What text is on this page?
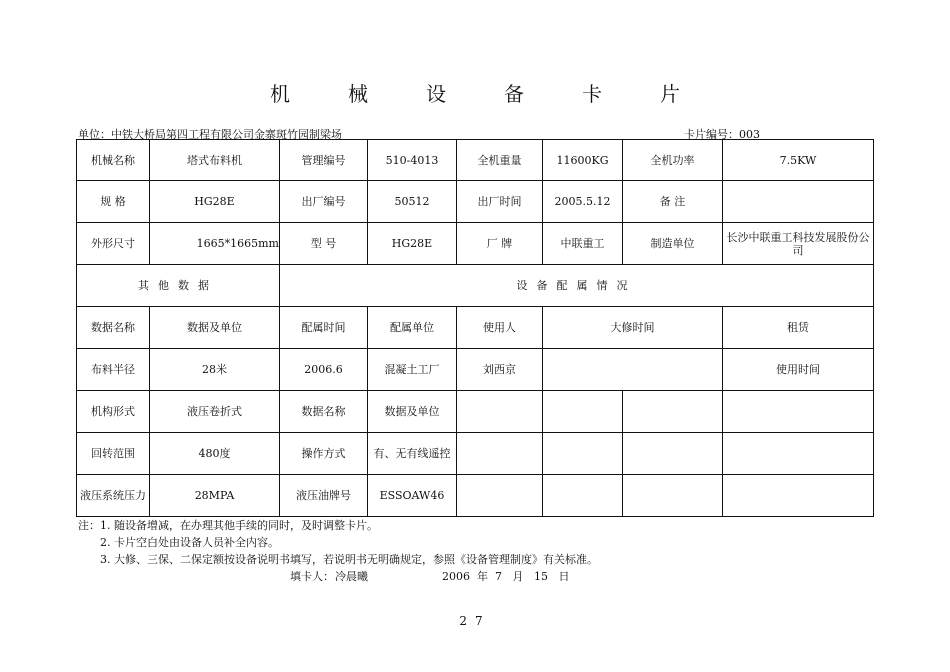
机	械	设	备	卡	片
单位：中铁大桥局第四工程有限公司金寨斑竹园制梁场	卡片编号：003
机械名称	塔式布料机	管理编号	510-4013	全机重量	11600KG	全机功率	7.5KW	
规 格	HG28E	出厂编号	50512	出厂时间	2005.5.12	备 注		
外形尺寸	1665*1665mm	型 号	HG28E	厂 牌	中联重工	制造单位	长沙中联重工科技发展股份公司	
其他数据		设备配属情况						
数据名称	数据及单位	配属时间	配属单位	使用人	大修时间		租赁	
布料半径	28米	2006.6	混凝土工厂	刘西京			使用时间	
机构形式	液压卷折式	数据名称	数据及单位					
回转范围	480度	操作方式	有、无有线遥控					
液压系统压力	28MPA	液压油牌号	ESSOAW46					
注：1. 随设备增减，在办理其他手续的同时，及时调整卡片。
2. 卡片空白处由设备人员补全内容。
3. 大修、三保、二保定额按设备说明书填写，若说明书无明确规定，参照《设备管理制度》有关标准。
填卡人： 冷晨曦	2006  年  7   月   15   日
27
